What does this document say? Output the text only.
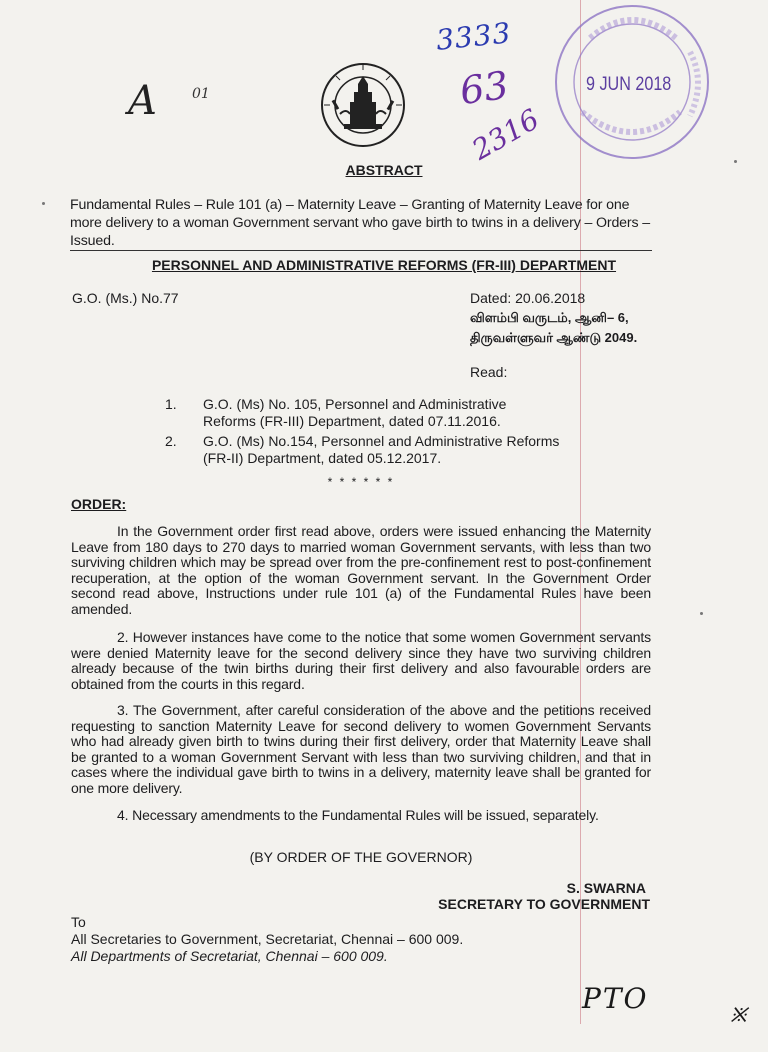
A	01
3333
63
2316
9 JUN 2018
ABSTRACT
Fundamental Rules – Rule 101 (a) – Maternity Leave – Granting of Maternity Leave for one more delivery to a woman Government servant who gave birth to twins in a delivery – Orders – Issued.
PERSONNEL AND ADMINISTRATIVE REFORMS (FR-III) DEPARTMENT
G.O. (Ms.) No.77	Dated: 20.06.2018
விளம்பி வருடம், ஆனி– 6,
திருவள்ளுவர் ஆண்டு 2049.
Read:
1.	G.O. (Ms) No. 105, Personnel and Administrative Reforms (FR-III) Department, dated 07.11.2016.
2.	G.O. (Ms) No.154, Personnel and Administrative Reforms (FR-II) Department, dated 05.12.2017.
* * * * * *
ORDER:
In the Government order first read above, orders were issued enhancing the Maternity Leave from 180 days to 270 days to married woman Government servants, with less than two surviving children which may be spread over from the pre-confinement rest to post-confinement recuperation, at the option of the woman Government servant. In the Government Order second read above, Instructions under rule 101 (a) of the Fundamental Rules have been amended.
2. However instances have come to the notice that some women Government servants were denied Maternity leave for the second delivery since they have two surviving children already because of the twin births during their first delivery and also favourable orders are obtained from the courts in this regard.
3. The Government, after careful consideration of the above and the petitions received requesting to sanction Maternity Leave for second delivery to women Government Servants who had already given birth to twins during their first delivery, order that Maternity Leave shall be granted to a woman Government Servant with less than two surviving children, and that in cases where the individual gave birth to twins in a delivery, maternity leave shall be granted for one more delivery.
4. Necessary amendments to the Fundamental Rules will be issued, separately.
(BY ORDER OF THE GOVERNOR)
S. SWARNA
SECRETARY TO GOVERNMENT
To
All Secretaries to Government, Secretariat, Chennai – 600 009.
All Departments of Secretariat, Chennai – 600 009.
PTO
྿
